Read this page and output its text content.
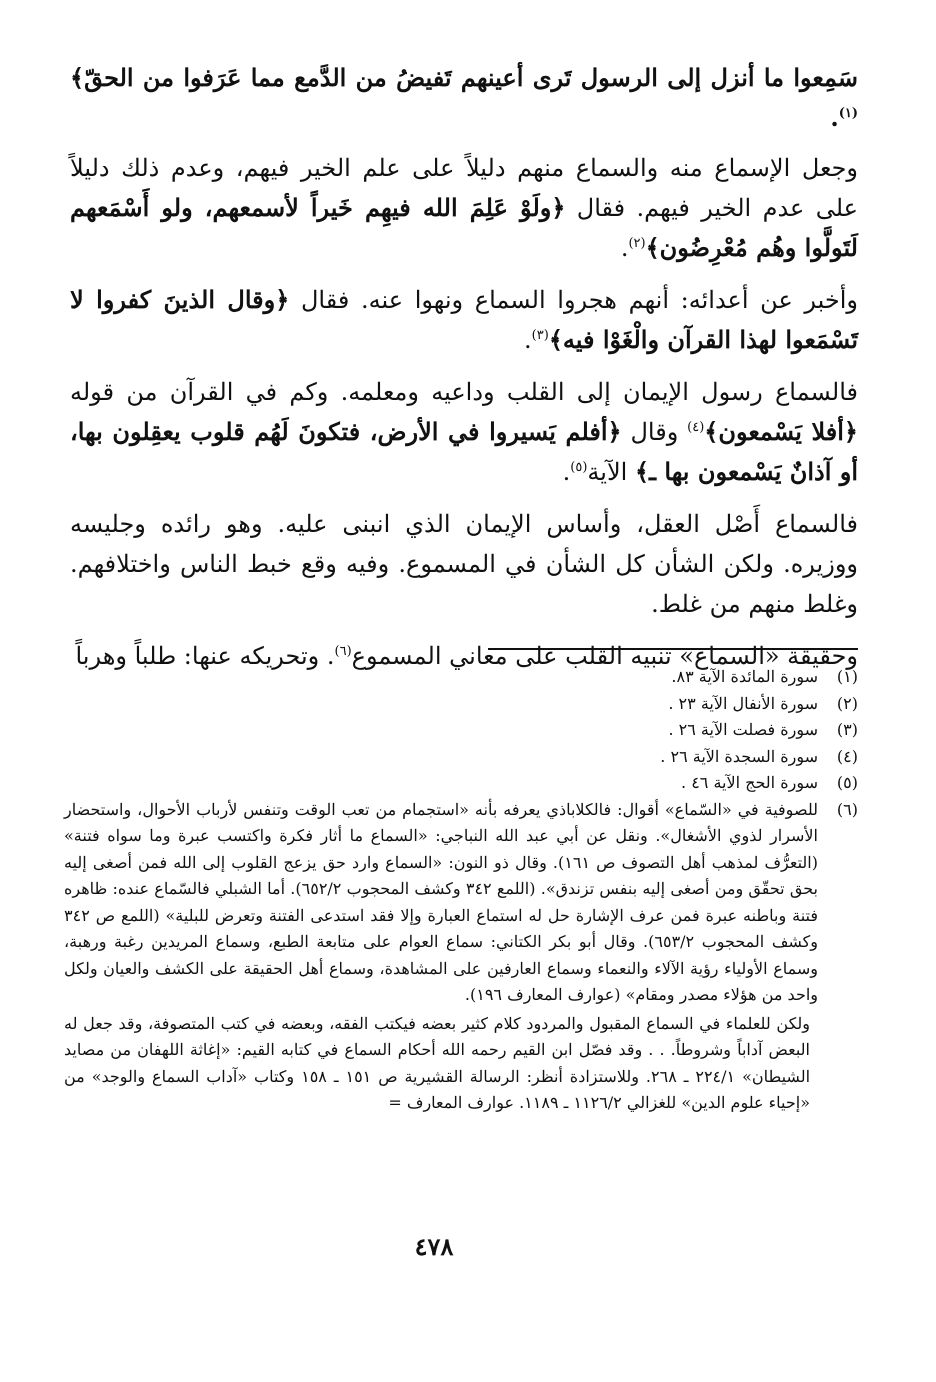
سَمِعوا ما أنزل إلى الرسول تَرى أعينهم تَفيضُ من الدَّمع مما عَرَفوا من الحقّ﴾$^{(١)}$.

وجعل الإسماع منه والسماع منهم دليلاً على علم الخير فيهم، وعدم ذلك دليلاً على عدم الخير فيهم. فقال ﴿ولَوْ عَلِمَ الله فيهِم خَيراً لأسمعهم، ولو أَسْمَعهم لَتَولَّوا وهُم مُعْرِضُون﴾$^{(٢)}$.

وأخبر عن أعدائه: أنهم هجروا السماع ونهوا عنه. فقال ﴿وقال الذينَ كفروا لا تَسْمَعوا لهذا القرآن والْغَوْا فيه﴾$^{(٣)}$.

فالسماع رسول الإيمان إلى القلب وداعيه ومعلمه. وكم في القرآن من قوله ﴿أفلا يَسْمعون﴾$^{(٤)}$ وقال ﴿أفلم يَسيروا في الأرض، فتكونَ لَهُم قلوب يعقِلون بها، أو آذانٌ يَسْمعون بها ـ﴾ الآية$^{(٥)}$.

فالسماع أَصْل العقل، وأساس الإيمان الذي انبنى عليه. وهو رائده وجليسه ووزيره. ولكن الشأن كل الشأن في المسموع. وفيه وقع خبط الناس واختلافهم. وغلط منهم من غلط.

وحقيقة «السماع» تنبيه القلب على معاني المسموع$^{(٦)}$. وتحريكه عنها: طلباً وهرباً

(١)
سورة المائدة الآية ٨٣.
(٢)
سورة الأنفال الآية ٢٣ .
(٣)
سورة فصلت الآية ٢٦ .
(٤)
سورة السجدة الآية ٢٦ .
(٥)
سورة الحج الآية ٤٦ .
(٦)
للصوفية في «السّماع» أقوال: فالكلاباذي يعرفه بأنه «استجمام من تعب الوقت وتنفس لأرباب الأحوال، واستحضار الأسرار لذوي الأشغال». ونقل عن أبي عبد الله النباجي: «السماع ما أثار فكرة واكتسب عبرة وما سواه فتنة» (التعرُّف لمذهب أهل التصوف ص ١٦١). وقال ذو النون: «السماع وارد حق يزعج القلوب إلى الله فمن أصغى إليه بحق تحقّق ومن أصغى إليه بنفس تزندق». (اللمع ٣٤٢ وكشف المحجوب ٦٥٢/٢). أما الشبلي فالسّماع عنده: ظاهره فتنة وباطنه عبرة فمن عرف الإشارة حل له استماع العبارة وإلا فقد استدعى الفتنة وتعرض للبلية» (اللمع ص ٣٤٢ وكشف المحجوب ٦٥٣/٢). وقال أبو بكر الكتاني: سماع العوام على متابعة الطبع، وسماع المريدين رغبة ورهبة، وسماع الأولياء رؤية الآلاء والنعماء وسماع العارفين على المشاهدة، وسماع أهل الحقيقة على الكشف والعيان ولكل واحد من هؤلاء مصدر ومقام» (عوارف المعارف ١٩٦).
ولكن للعلماء في السماع المقبول والمردود كلام كثير بعضه فيكتب الفقه، وبعضه في كتب المتصوفة، وقد جعل له البعض آداباً وشروطاً. . . وقد فصّل ابن القيم رحمه الله أحكام السماع في كتابه القيم: «إغاثة اللهفان من مصايد الشيطان» ٢٢٤/١ ـ ٢٦٨. وللاستزادة أنظر: الرسالة القشيرية ص ١٥١ ـ ١٥٨ وكتاب «آداب السماع والوجد» من «إحياء علوم الدين» للغزالي ١١٢٦/٢ ـ ١١٨٩. عوارف المعارف =
٤٧٨
